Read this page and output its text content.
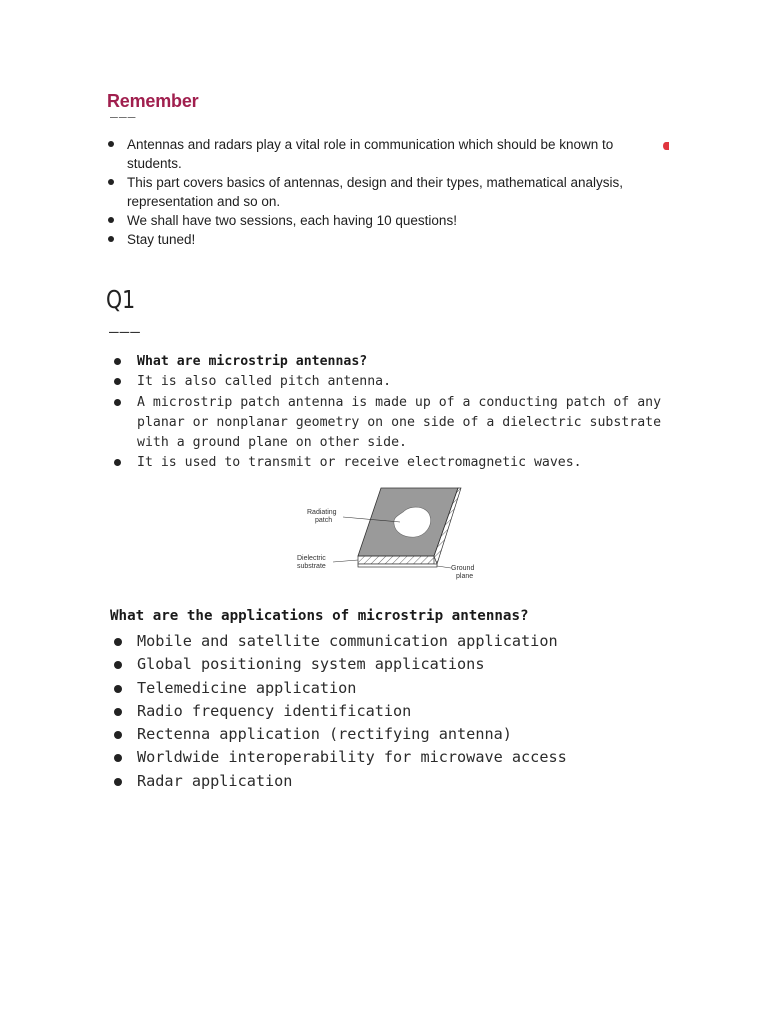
Remember
———
Antennas and radars play a vital role in communication which should be known to students.
This part covers basics of antennas, design and their types, mathematical analysis, representation and so on.
We shall have two sessions, each having 10 questions!
Stay tuned!
Q1
———
What are microstrip antennas?
It is also called pitch antenna.
A microstrip patch antenna is made up of a conducting patch of any planar or nonplanar geometry on one side of a dielectric substrate with a ground plane on other side.
It is used to transmit or receive electromagnetic waves.
Radiating
patch
Dielectric
substrate	Ground
plane
What are the applications of microstrip antennas?
Mobile and satellite communication application
Global positioning system applications
Telemedicine application
Radio frequency identification
Rectenna application (rectifying antenna)
Worldwide interoperability for microwave access
Radar application
